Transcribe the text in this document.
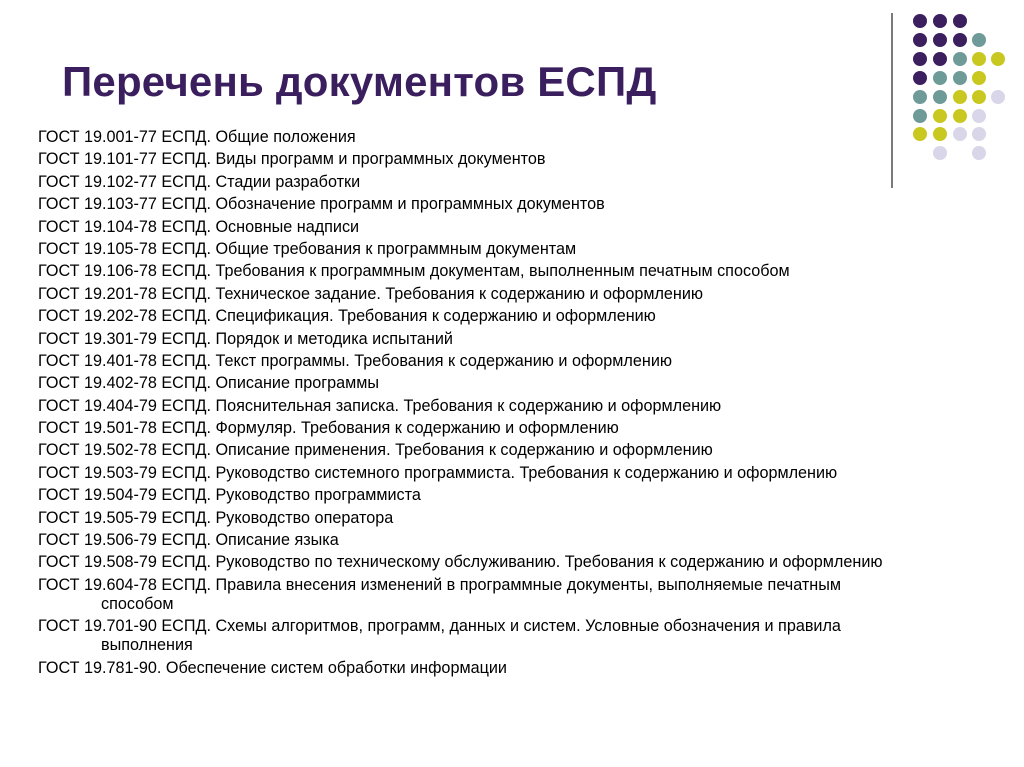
Перечень документов ЕСПД
ГОСТ 19.001-77 ЕСПД. Общие положения
ГОСТ 19.101-77 ЕСПД. Виды программ и программных документов
ГОСТ 19.102-77 ЕСПД. Стадии разработки
ГОСТ 19.103-77 ЕСПД. Обозначение программ и программных документов
ГОСТ 19.104-78 ЕСПД. Основные надписи
ГОСТ 19.105-78 ЕСПД. Общие требования к программным документам
ГОСТ 19.106-78 ЕСПД. Требования к программным документам, выполненным печатным способом
ГОСТ 19.201-78 ЕСПД. Техническое задание. Требования к содержанию и оформлению
ГОСТ 19.202-78 ЕСПД. Спецификация. Требования к содержанию и оформлению
ГОСТ 19.301-79 ЕСПД. Порядок и методика испытаний
ГОСТ 19.401-78 ЕСПД. Текст программы. Требования к содержанию и оформлению
ГОСТ 19.402-78 ЕСПД. Описание программы
ГОСТ 19.404-79 ЕСПД. Пояснительная записка. Требования к содержанию и оформлению
ГОСТ 19.501-78 ЕСПД. Формуляр. Требования к содержанию и оформлению
ГОСТ 19.502-78 ЕСПД. Описание применения. Требования к содержанию и оформлению
ГОСТ 19.503-79 ЕСПД. Руководство системного программиста. Требования к содержанию и оформлению
ГОСТ 19.504-79 ЕСПД. Руководство программиста
ГОСТ 19.505-79 ЕСПД. Руководство оператора
ГОСТ 19.506-79 ЕСПД. Описание языка
ГОСТ 19.508-79 ЕСПД. Руководство по техническому обслуживанию. Требования к содержанию и оформлению
ГОСТ 19.604-78 ЕСПД. Правила внесения изменений в программные документы, выполняемые печатным способом
ГОСТ 19.701-90 ЕСПД. Схемы алгоритмов, программ, данных и систем. Условные обозначения и правила выполнения
ГОСТ 19.781-90. Обеспечение систем обработки информации
